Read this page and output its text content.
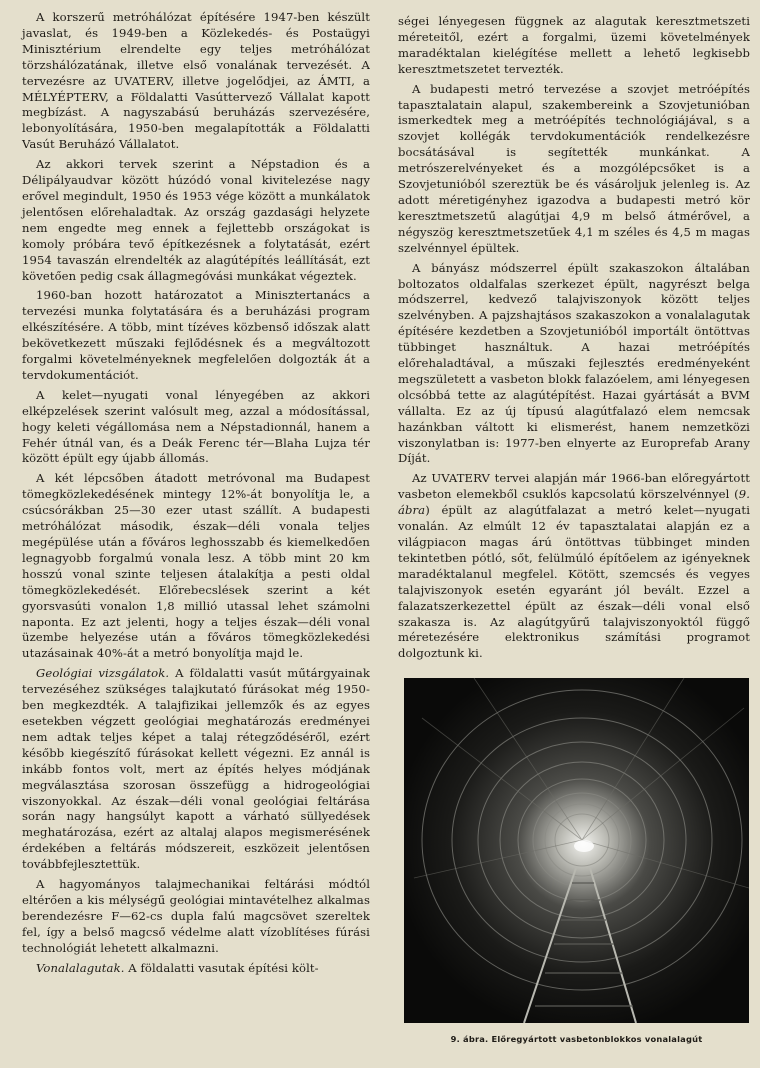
A korszerű metróhálózat építésére 1947-ben készült javaslat, és 1949-ben a Közlekedés- és Postaügyi Minisztérium elrendelte egy teljes metróhálózat törzshálózatának, illetve első vonalának tervezését. A tervezésre az UVATERV, illetve jogelődjei, az ÁMTI, a MÉLYÉPTERV, a Földalatti Vasúttervező Vállalat kapott megbízást. A nagyszabású beruházás szervezésére, lebonyolítására, 1950-ben megalapították a Földalatti Vasút Beruházó Vállalatot.

Az akkori tervek szerint a Népstadion és a Délipályaudvar között húzódó vonal kivitelezése nagy erővel megindult, 1950 és 1953 vége között a munkálatok jelentősen előrehaladtak. Az ország gazdasági helyzete nem engedte meg ennek a fejlettebb országokat is komoly próbára tevő építkezésnek a folytatását, ezért 1954 tavaszán elrendelték az alagútépítés leállítását, ezt követően pedig csak állagmegóvási munkákat végeztek.

1960-ban hozott határozatot a Minisztertanács a tervezési munka folytatására és a beruházási program elkészítésére. A több, mint tízéves közbenső időszak alatt bekövetkezett műszaki fejlődésnek és a megváltozott forgalmi követelményeknek megfelelően dolgozták át a tervdokumentációt.

A kelet—nyugati vonal lényegében az akkori elképzelések szerint valósult meg, azzal a módosítással, hogy keleti végállomása nem a Népstadionnál, hanem a Fehér útnál van, és a Deák Ferenc tér—Blaha Lujza tér között épült egy újabb állomás.

A két lépcsőben átadott metróvonal ma Budapest tömegközlekedésének mintegy 12%-át bonyolítja le, a csúcsórákban 25—30 ezer utast szállít. A budapesti metróhálózat második, észak—déli vonala teljes megépülése után a főváros leghosszabb és kiemelkedően legnagyobb forgalmú vonala lesz. A több mint 20 km hosszú vonal szinte teljesen átalakítja a pesti oldal tömegközlekedését. Előrebecslések szerint a két gyorsvasúti vonalon 1,8 millió utassal lehet számolni naponta. Ez azt jelenti, hogy a teljes észak—déli vonal üzembe helyezése után a főváros tömegközlekedési utazásainak 40%-át a metró bonyolítja majd le.

Geológiai vizsgálatok. A földalatti vasút műtárgyainak tervezéséhez szükséges talajkutató fúrásokat még 1950-ben megkezdték. A talajfizikai jellemzők és az egyes esetekben végzett geológiai meghatározás eredményei nem adtak teljes képet a talaj rétegződéséről, ezért később kiegészítő fúrásokat kellett végezni. Ez annál is inkább fontos volt, mert az építés helyes módjának megválasztása szorosan összefügg a hidrogeológiai viszonyokkal. Az észak—déli vonal geológiai feltárása során nagy hangsúlyt kapott a várható süllyedések meghatározása, ezért az altalaj alapos megismerésének érdekében a feltárás módszereit, eszközeit jelentősen továbbfejlesztettük.

A hagyományos talajmechanikai feltárási módtól eltérően a kis mélységű geológiai mintavételhez alkalmas berendezésre F—62-cs dupla falú magcsövet szereltek fel, így a belső magcső védelme alatt vízoblítéses fúrási technológiát lehetett alkalmazni.

Vonalalagutak. A földalatti vasutak építési költ-

ségei lényegesen függnek az alagutak keresztmetszeti méreteitől, ezért a forgalmi, üzemi követelmények maradéktalan kielégítése mellett a lehető legkisebb keresztmetszetet tervezték.

A budapesti metró tervezése a szovjet metróépítés tapasztalatain alapul, szakembereink a Szovjetunióban ismerkedtek meg a metróépítés technológiájával, s a szovjet kollégák tervdokumentációk rendelkezésre bocsátásával is segítették munkánkat. A metrószerelvényeket és a mozgólépcsőket is a Szovjetunióból szereztük be és vásároljuk jelenleg is. Az adott méretigényhez igazodva a budapesti metró kör keresztmetszetű alagútjai 4,9 m belső átmérővel, a négyszög keresztmetszetűek 4,1 m széles és 4,5 m magas szelvénnyel épültek.

A bányász módszerrel épült szakaszokon általában boltozatos oldalfalas szerkezet épült, nagyrészt belga módszerrel, kedvező talajviszonyok között teljes szelvényben. A pajzshajtásos szakaszokon a vonalalagutak építésére kezdetben a Szovjetunióból importált öntöttvas tübbinget használtuk. A hazai metróépítés előrehaladtával, a műszaki fejlesztés eredményeként megszületett a vasbeton blokk falazóelem, ami lényegesen olcsóbbá tette az alagútépítést. Hazai gyártását a BVM vállalta. Ez az új típusú alagútfalazó elem nemcsak hazánkban váltott ki elismerést, hanem nemzetközi viszonylatban is: 1977-ben elnyerte az Europrefab Arany Díját.

Az UVATERV tervei alapján már 1966-ban előregyártott vasbeton elemekből csuklós kapcsolatú körszelvénnyel (9. ábra) épült az alagútfalazat a metró kelet—nyugati vonalán. Az elmúlt 12 év tapasztalatai alapján ez a világpiacon magas árú öntöttvas tübbinget minden tekintetben pótló, sőt, felülmúló építőelem az igényeknek maradéktalanul megfelel. Kötött, szemcsés és vegyes talajviszonyok esetén egyaránt jól bevált. Ezzel a falazatszerkezettel épült az észak—déli vonal első szakasza is. Az alagútgyűrű talajviszonyoktól függő méretezésére elektronikus számítási programot dolgoztunk ki.

9. ábra. Előregyártott vasbetonblokkos vonalalagút
